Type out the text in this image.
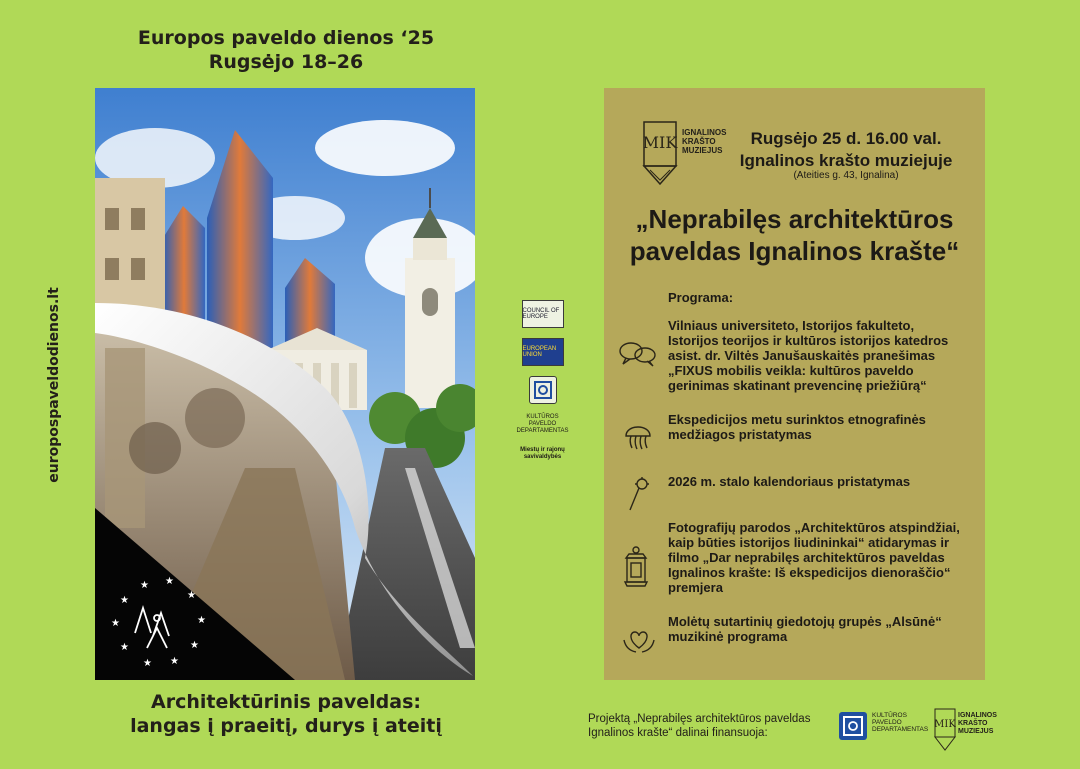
Europos paveldo dienos ‘25
Rugsėjo 18–26
europospaveldodienos.lt
★
★ ★
★
★
★
★
★
★
★
Architektūrinis paveldas:
langas į praeitį, durys į ateitį
COUNCIL OF EUROPE
EUROPEAN UNION
KULTŪROS PAVELDO DEPARTAMENTAS
Miestų ir rajonų savivaldybės
MIK
IGNALINOS
KRAŠTO
MUZIEJUS
Rugsėjo 25 d. 16.00 val.
Ignalinos krašto muziejuje
(Ateities g. 43, Ignalina)
„Neprabilęs architektūros
paveldas Ignalinos krašte“
Programa:
Vilniaus universiteto, Istorijos fakulteto,
Istorijos teorijos ir kultūros istorijos katedros
asist. dr. Viltės Janušauskaitės pranešimas
„FIXUS mobilis veikla: kultūros paveldo
gerinimas skatinant prevencinę priežiūrą“
Ekspedicijos metu surinktos etnografinės
medžiagos pristatymas
2026 m. stalo kalendoriaus pristatymas
Fotografijų parodos „Architektūros atspindžiai,
kaip būties istorijos liudininkai“ atidarymas ir
filmo „Dar neprabilęs architektūros paveldas
Ignalinos krašte: Iš ekspedicijos dienoraščio“
premjera
Molėtų sutartinių giedotojų grupės „Alsūnė“
muzikinė programa
Projektą „Neprabilęs architektūros paveldas Ignalinos krašte“ dalinai finansuoja:
KULTŪROS PAVELDO DEPARTAMENTAS MIK
IGNALINOS
KRAŠTO
MUZIEJUS
